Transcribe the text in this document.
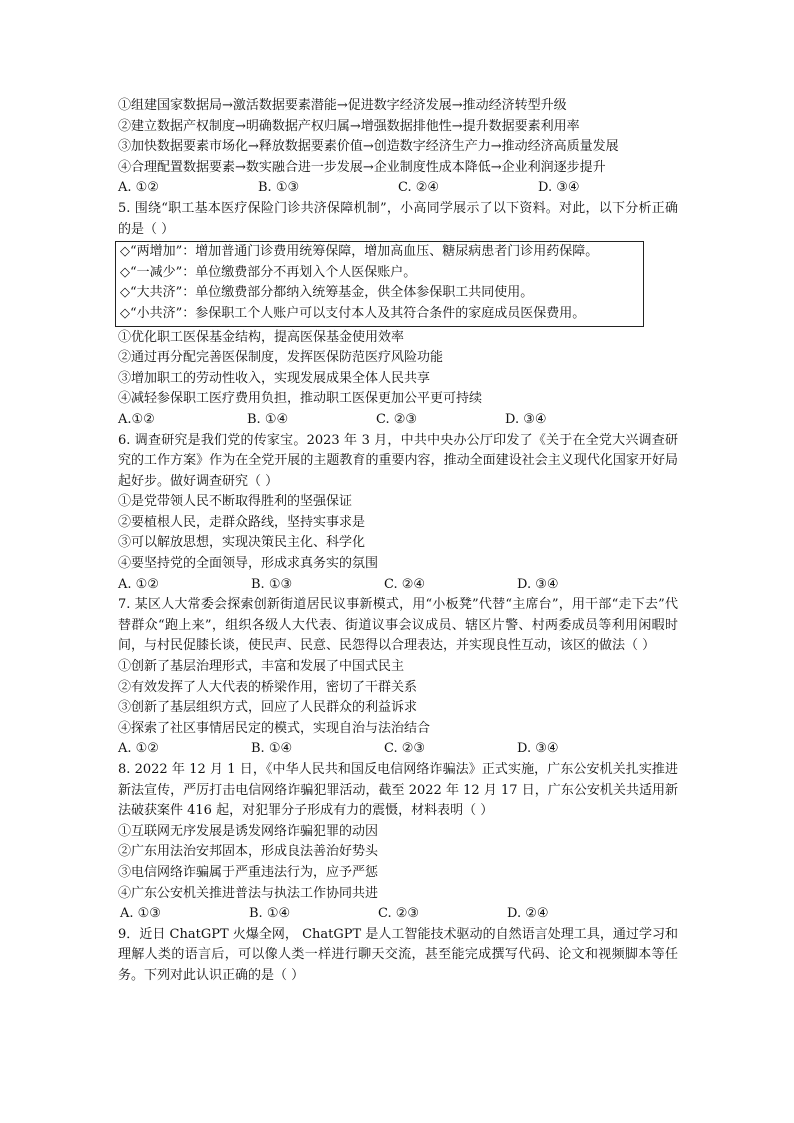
①组建国家数据局→激活数据要素潜能→促进数字经济发展→推动经济转型升级
②建立数据产权制度→明确数据产权归属→增强数据排他性→提升数据要素利用率
③加快数据要素市场化→释放数据要素价值→创造数字经济生产力→推动经济高质量发展
④合理配置数据要素→数实融合进一步发展→企业制度性成本降低→企业利润逐步提升
A. ①②	B. ①③	C. ②④	D. ③④
5. 围绕“职工基本医疗保险门诊共济保障机制”，小高同学展示了以下资料。对此，以下分析正确的是（ ）
◇“两增加”：增加普通门诊费用统筹保障，增加高血压、糖尿病患者门诊用药保障。
◇“一减少”：单位缴费部分不再划入个人医保账户。
◇“大共济”：单位缴费部分都纳入统筹基金，供全体参保职工共同使用。
◇“小共济”：参保职工个人账户可以支付本人及其符合条件的家庭成员医保费用。
①优化职工医保基金结构，提高医保基金使用效率
②通过再分配完善医保制度，发挥医保防范医疗风险功能
③增加职工的劳动性收入，实现发展成果全体人民共享
④减轻参保职工医疗费用负担，推动职工医保更加公平更可持续
A.①②	B. ①④	C. ②③	D. ③④
6. 调查研究是我们党的传家宝。2023 年 3 月，中共中央办公厅印发了《关于在全党大兴调查研究的工作方案》作为在全党开展的主题教育的重要内容，推动全面建设社会主义现代化国家开好局起好步。做好调查研究（ ）
①是党带领人民不断取得胜利的坚强保证
②要植根人民，走群众路线，坚持实事求是
③可以解放思想，实现决策民主化、科学化
④要坚持党的全面领导，形成求真务实的氛围
A. ①②	B. ①③	C. ②④	D. ③④
7. 某区人大常委会探索创新街道居民议事新模式，用“小板凳”代替“主席台”，用干部“走下去”代替群众“跑上来”，组织各级人大代表、街道议事会议成员、辖区片警、村两委成员等利用闲暇时间，与村民促膝长谈，使民声、民意、民怨得以合理表达，并实现良性互动，该区的做法（ ）
①创新了基层治理形式，丰富和发展了中国式民主
②有效发挥了人大代表的桥梁作用，密切了干群关系
③创新了基层组织方式，回应了人民群众的利益诉求
④探索了社区事情居民定的模式，实现自治与法治结合
A. ①②	B. ①④	C. ②③	D. ③④
8. 2022 年 12 月 1 日，《中华人民共和国反电信网络诈骗法》正式实施，广东公安机关扎实推进新法宣传，严厉打击电信网络诈骗犯罪活动，截至 2022 年 12 月 17 日，广东公安机关共适用新法破获案件 416 起，对犯罪分子形成有力的震慑，材料表明（ ）
①互联网无序发展是诱发网络诈骗犯罪的动因
②广东用法治安邦固本，形成良法善治好势头
③电信网络诈骗属于严重违法行为，应予严惩
④广东公安机关推进普法与执法工作协同共进
A. ①③	B. ①④	C. ②③	D. ②④
9．近日 ChatGPT 火爆全网， ChatGPT 是人工智能技术驱动的自然语言处理工具，通过学习和理解人类的语言后，可以像人类一样进行聊天交流，甚至能完成撰写代码、论文和视频脚本等任务。下列对此认识正确的是（ ）
